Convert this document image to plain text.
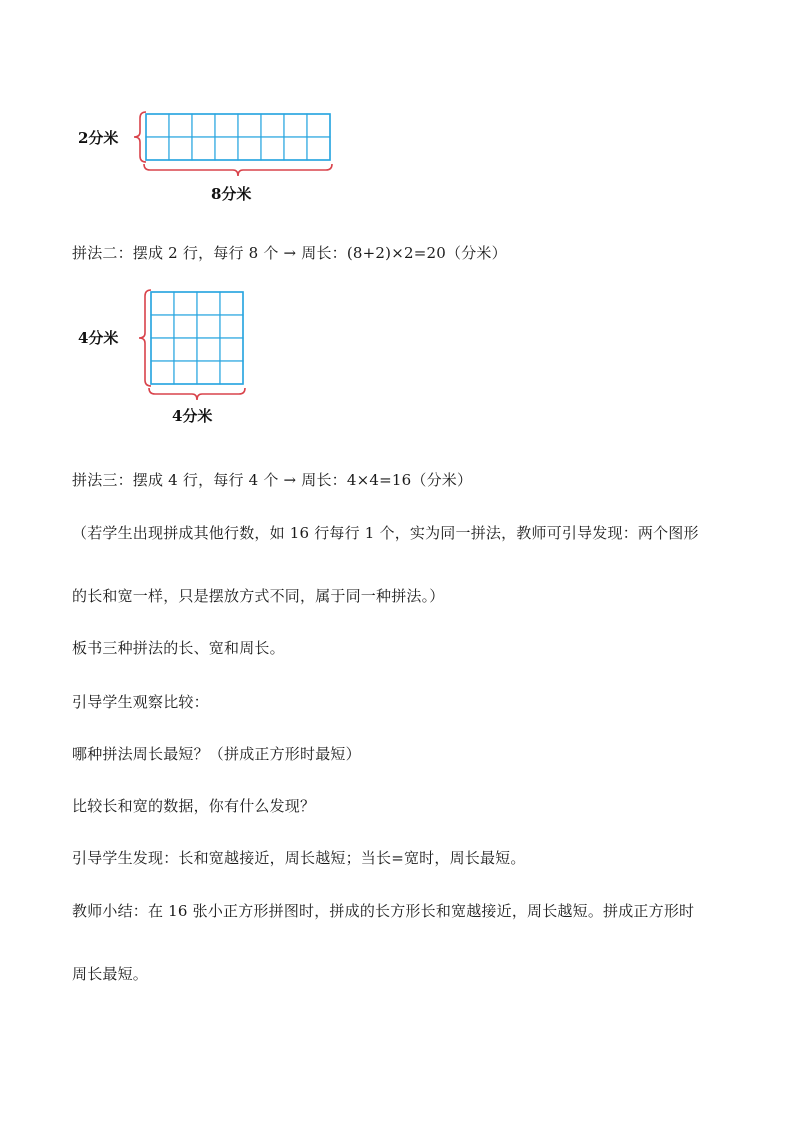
2分米
8分米
4分米
4分米
拼法二：摆成 2 行，每行 8 个 → 周长：(8+2)×2=20（分米）
拼法三：摆成 4 行，每行 4 个 → 周长：4×4=16（分米）
（若学生出现拼成其他行数，如 16 行每行 1 个，实为同一拼法，教师可引导发现：两个图形
的长和宽一样，只是摆放方式不同，属于同一种拼法。）
板书三种拼法的长、宽和周长。
引导学生观察比较：
哪种拼法周长最短？（拼成正方形时最短）
比较长和宽的数据，你有什么发现？
引导学生发现：长和宽越接近，周长越短；当长=宽时，周长最短。
教师小结：在 16 张小正方形拼图时，拼成的长方形长和宽越接近，周长越短。拼成正方形时
周长最短。
